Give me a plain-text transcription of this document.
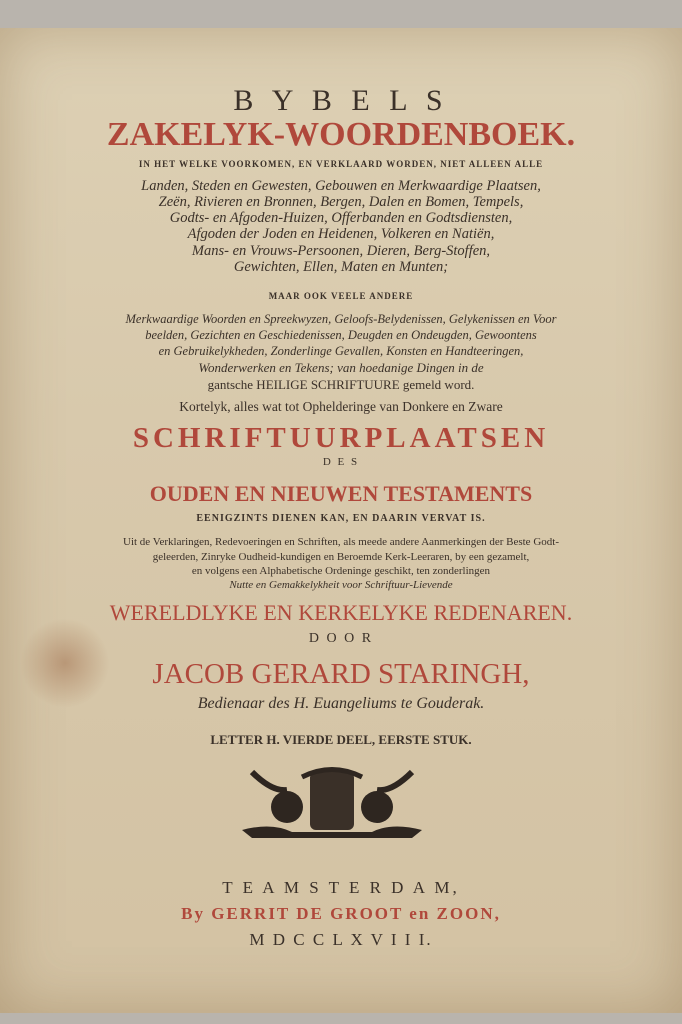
B Y B E L S
ZAKELYK-WOORDENBOEK.
IN HET WELKE VOORKOMEN, EN VERKLAARD WORDEN, NIET ALLEEN ALLE
Landen, Steden en Gewesten, Gebouwen en Merkwaardige Plaatsen,
Zeën, Rivieren en Bronnen, Bergen, Dalen en Bomen, Tempels,
Godts- en Afgoden-Huizen, Offerbanden en Godtsdiensten,
Afgoden der Joden en Heidenen, Volkeren en Natiën,
Mans- en Vrouws-Persoonen, Dieren, Berg-Stoffen,
Gewichten, Ellen, Maten en Munten;
MAAR OOK VEELE ANDERE
Merkwaardige Woorden en Spreekwyzen, Geloofs-Belydenissen, Gelykenissen en Voor
beelden, Gezichten en Geschiedenissen, Deugden en Ondeugden, Gewoontens
en Gebruikelykheden, Zonderlinge Gevallen, Konsten en Handteeringen,
Wonderwerken en Tekens; van hoedanige Dingen in de
gantsche HEILIGE SCHRIFTUURE gemeld word.
Kortelyk, alles wat tot Ophelderinge van Donkere en Zware
SCHRIFTUURPLAATSEN
D E S
OUDEN EN NIEUWEN TESTAMENTS
EENIGZINTS DIENEN KAN, EN DAARIN VERVAT IS.
Uit de Verklaringen, Redevoeringen en Schriften, als meede andere Aanmerkingen der Beste Godt-
geleerden, Zinryke Oudheid-kundigen en Beroemde Kerk-Leeraren, by een gezamelt,
en volgens een Alphabetische Ordeninge geschikt, ten zonderlingen
Nutte en Gemakkelykheit voor Schriftuur-Lievende
WERELDLYKE EN KERKELYKE REDENAREN.
D O O R
JACOB GERARD STARINGH,
Bedienaar des H. Euangeliums te Gouderak.
LETTER H. VIERDE DEEL, EERSTE STUK.
T E A M S T E R D A M,
By GERRIT DE GROOT en ZOON,
M D C C L X V I I I.
